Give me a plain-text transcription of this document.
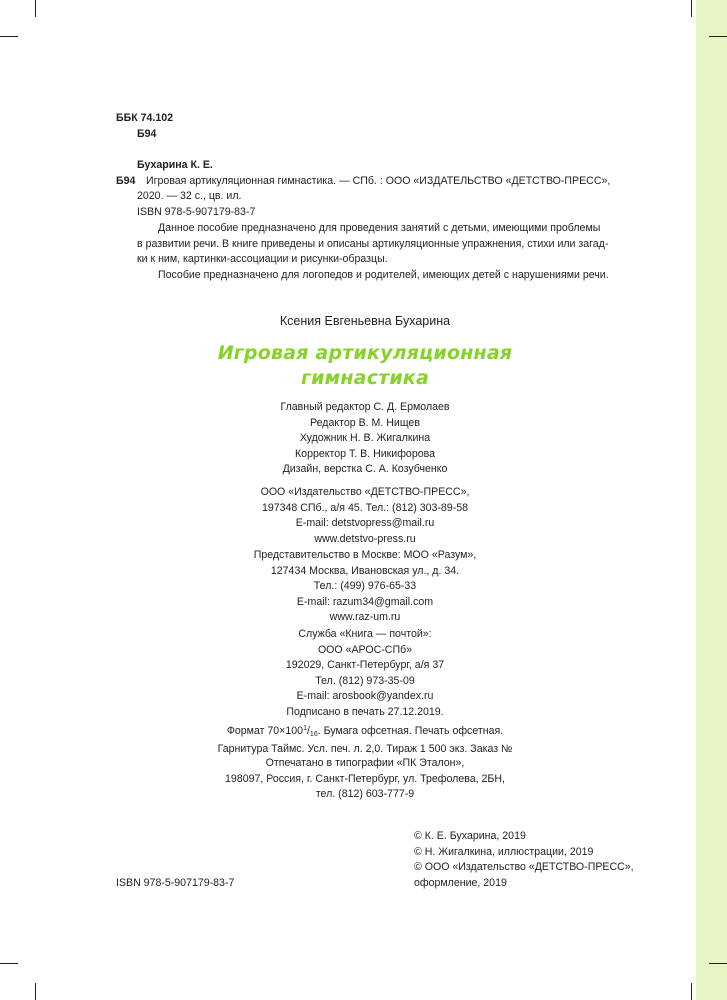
ББК 74.102
Б94
Бухарина К. Е.
Б94 Игровая артикуляционная гимнастика. — СПб. : ООО «ИЗДАТЕЛЬСТВО «ДЕТСТВО-ПРЕСС»,
2020. — 32 с., цв. ил.
ISBN 978-5-907179-83-7
Данное пособие предназначено для проведения занятий с детьми, имеющими проблемы
в развитии речи. В книге приведены и описаны артикуляционные упражнения, стихи или загад-
ки к ним, картинки-ассоциации и рисунки-образцы.
Пособие предназначено для логопедов и родителей, имеющих детей с нарушениями речи.
Ксения Евгеньевна Бухарина
Игровая артикуляционная
гимнастика
Главный редактор С. Д. Ермолаев
Редактор В. М. Нищев
Художник Н. В. Жигалкина
Корректор Т. В. Никифорова
Дизайн, верстка С. А. Козубченко
ООО «Издательство «ДЕТСТВО-ПРЕСС»,
197348 СПб., а/я 45. Тел.: (812) 303-89-58
E-mail: detstvopress@mail.ru
www.detstvo-press.ru
Представительство в Москве: МОО «Разум»,
127434 Москва, Ивановская ул., д. 34.
Тел.: (499) 976-65-33
E-mail: razum34@gmail.com
www.raz-um.ru
Служба «Книга — почтой»:
ООО «АРОС-СПб»
192029, Санкт-Петербург, а/я 37
Тел. (812) 973-35-09
E-mail: arosbook@yandex.ru
Подписано в печать 27.12.2019.
Формат $70\times 100^1/_{16}$. Бумага офсетная. Печать офсетная.
Гарнитура Таймс. Усл. печ. л. 2,0. Тираж 1 500 экз. Заказ №
Отпечатано в типографии «ПК Эталон»,
198097, Россия, г. Санкт-Петербург, ул. Трефолева, 2БН,
тел. (812) 603-777-9
© К. Е. Бухарина, 2019
© Н. Жигалкина, иллюстрации, 2019
© ООО «Издательство «ДЕТСТВО-ПРЕСС»,
оформление, 2019
ISBN 978-5-907179-83-7
